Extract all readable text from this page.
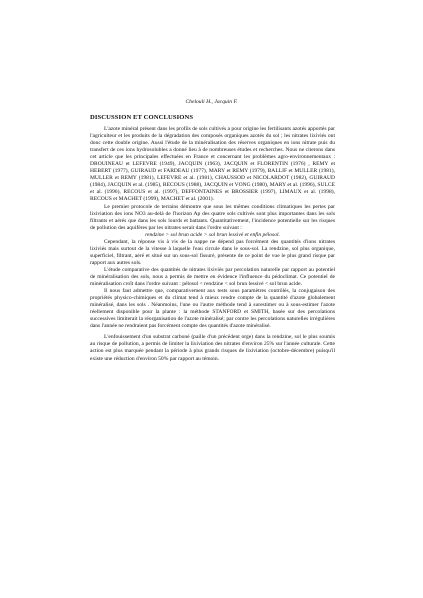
Chelouli H., Jacquin F.
DISCUSSION ET CONCLUSIONS

L'azote minéral présent dans les profils de sols cultivés a pour origine les fertilisants azotés apportés par l'agriculteur et les produits de la dégradation des composés organiques azotés du sol ; les nitrates lixiviés ont donc cette double origine. Aussi l'étude de la minéralisation des réserves organiques en ions nitrate puis du transfert de ces ions hydrosolubles a donné lieu à de nombreuses études et recherches. Nous ne citerons dans cet article que les principales effectuées en France et concernant les problèmes agro-environnementaux : DROUINEAU et LEFEVRE (1949), JACQUIN (1963), JACQUIN et FLORENTIN (1976) , REMY et HEBERT (1977), GUIRAUD et FARDEAU (1977), MARY et REMY (1979), BALLIF et MULLER (1981), MULLER et REMY (1981), LEFEVRE et al. (1981), CHAUSSOD et NICOLARDOT (1982), GUIRAUD (1984), JACQUIN et al. (1985), RECOUS (1988), JACQUIN et VONG (1980), MARY et al. (1996), SULCE et al. (1996), RECOUS et al. (1997), DEFFONTAINES et BROSSIER (1997), LIMAUX et al. (1998), RECOUS et MACHET (1999), MACHET et al. (2001).

Le premier protocole de terrains démontre que sous les mêmes conditions climatiques les pertes par lixiviation des ions NO3 au-delà de l'horizon Ap des quatre sols cultivés sont plus importantes dans les sols filtrants et aérés que dans les sols lourds et battants. Quantitativement, l'incidence potentielle sur les risques de pollution des aquifères par les nitrates serait dans l'ordre suivant :

rendzine > sol brun acide > sol brun lessivé et enfin pélosol.

Cependant, la réponse vis à vis de la nappe ne dépend pas forcément des quantités d'ions nitrates lixiviés mais surtout de la vitesse à laquelle l'eau circule dans le sous-sol. La rendzine, sol plus organique, superficiel, filtrant, aéré et situé sur un sous-sol fissuré, présente de ce point de vue le plus grand risque par rapport aux autres sols.

L'étude comparative des quantités de nitrates lixiviés par percolation naturelle par rapport au potentiel de minéralisation des sols, nous a permis de mettre en évidence l'influence du pédoclimat. Ce potentiel de minéralisation croît dans l'ordre suivant : pélosol < rendzine < sol brun lessivé < sol brun acide.

Il nous faut admettre que, comparativement aux tests sous paramètres contrôlés, la conjugaison des propriétés physico-chimiques et du climat tend à mieux rendre compte de la quantité d'azote globalement minéralisé, dans les sols . Néanmoins, l'une ou l'autre méthode tend à surestimer ou à sous-estimer l'azote réellement disponible pour la plante : la méthode STANFORD et SMITH, basée sur des percolations successives limiterait la réorganisation de l'azote minéralisé; par contre les percolations naturelles irrégulières dans l'année ne rendraient pas forcément compte des quantités d'azote minéralisé.

L'enfouissement d'un substrat carboné (paille d'un précédent orge) dans la rendzine, sol le plus soumis au risque de pollution, a permis de limiter la lixiviation des nitrates d'environ 25% sur l'année culturale. Cette action est plus marquée pendant la période à plus grands risques de lixiviation (octobre-décembre) puisqu'il existe une réduction d'environ 50% par rapport au témoin.
